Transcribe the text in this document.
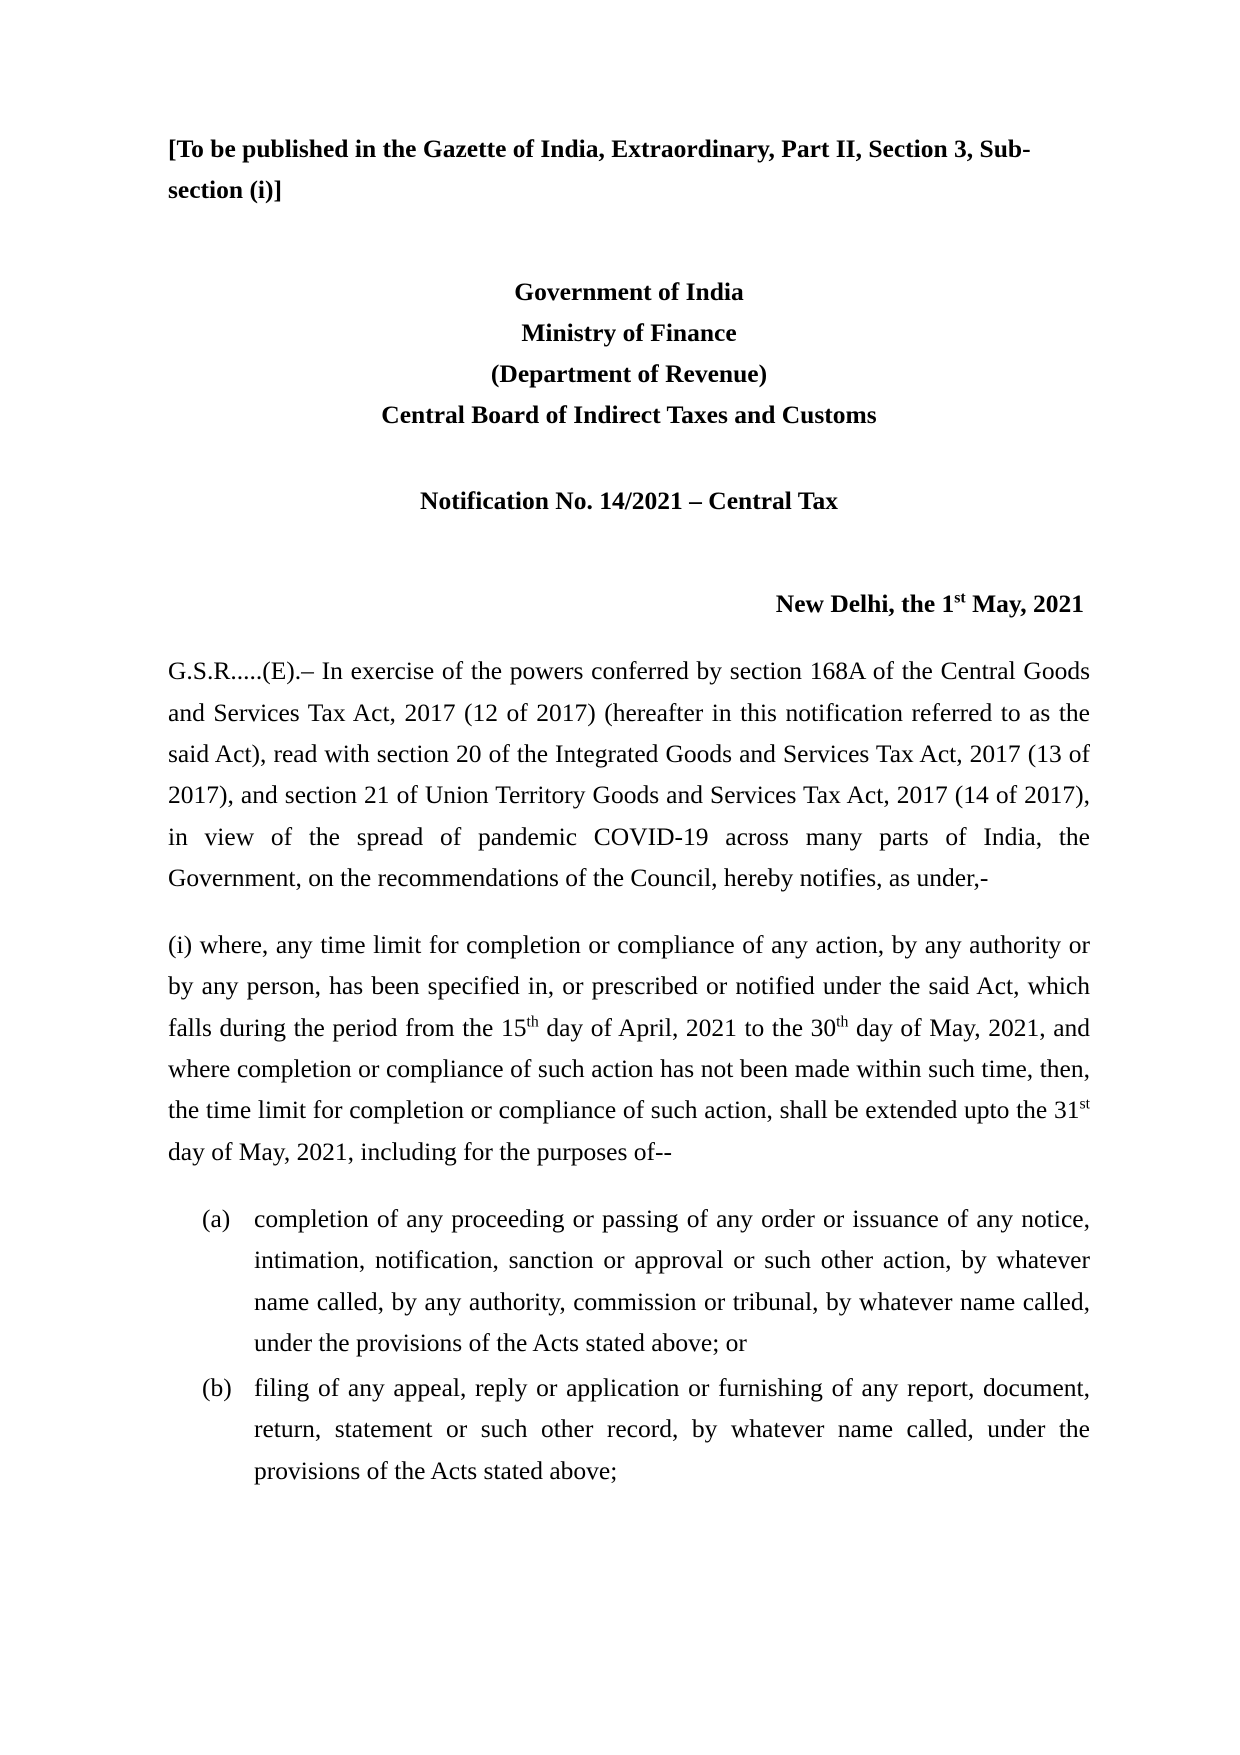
[To be published in the Gazette of India, Extraordinary, Part II, Section 3, Sub-section (i)]
Government of India
Ministry of Finance
(Department of Revenue)
Central Board of Indirect Taxes and Customs
Notification No. 14/2021 – Central Tax
New Delhi, the 1st May, 2021

G.S.R.....(E).– In exercise of the powers conferred by section 168A of the Central Goods and Services Tax Act, 2017 (12 of 2017) (hereafter in this notification referred to as the said Act), read with section 20 of the Integrated Goods and Services Tax Act, 2017 (13 of 2017), and section 21 of Union Territory Goods and Services Tax Act, 2017 (14 of 2017), in view of the spread of pandemic COVID-19 across many parts of India, the Government, on the recommendations of the Council, hereby notifies, as under,-

(i) where, any time limit for completion or compliance of any action, by any authority or by any person, has been specified in, or prescribed or notified under the said Act, which falls during the period from the 15th day of April, 2021 to the 30th day of May, 2021, and where completion or compliance of such action has not been made within such time, then, the time limit for completion or compliance of such action, shall be extended upto the 31st day of May, 2021, including for the purposes of--

(a) completion of any proceeding or passing of any order or issuance of any notice, intimation, notification, sanction or approval or such other action, by whatever name called, by any authority, commission or tribunal, by whatever name called, under the provisions of the Acts stated above; or
(b) filing of any appeal, reply or application or furnishing of any report, document, return, statement or such other record, by whatever name called, under the provisions of the Acts stated above;
